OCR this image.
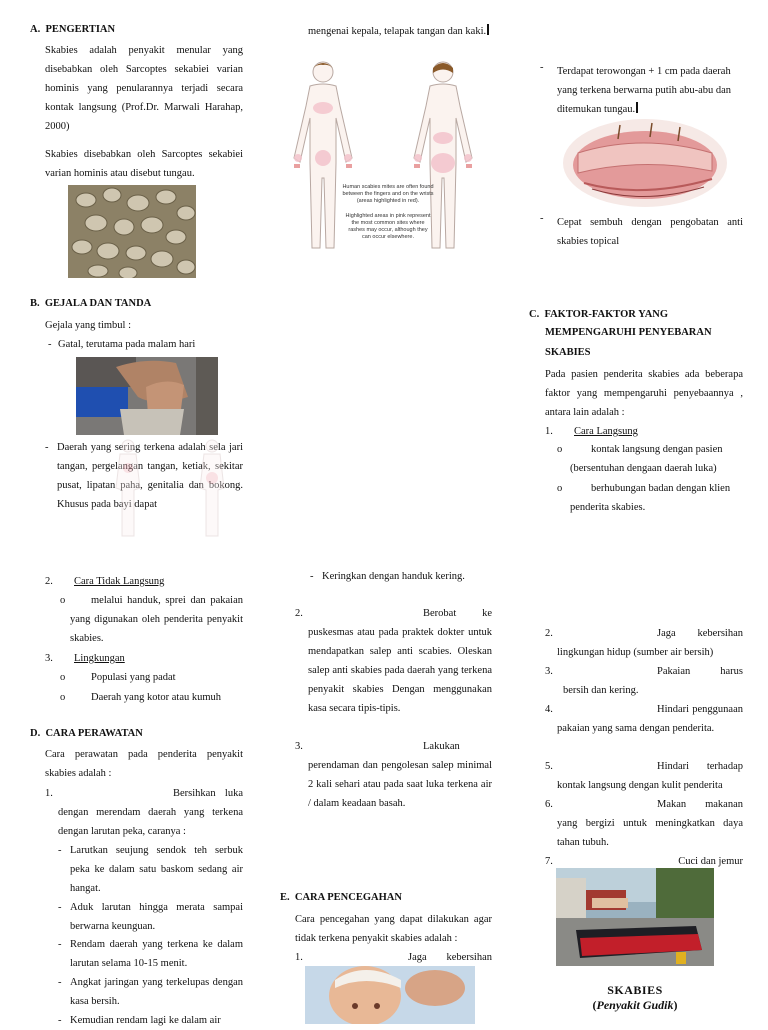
A.  PENGERTIAN
Skabies adalah penyakit menular yang disebabkan oleh Sarcoptes sekabiei varian hominis yang penularannya terjadi secara kontak langsung (Prof.Dr. Marwali Harahap, 2000)
Skabies disebabkan oleh Sarcoptes sekabiei varian hominis atau disebut tungau.
mengenai kepala, telapak tangan dan kaki.
Human scabies mites are often found between the fingers and on the wrists (areas highlighted in red).
Highlighted areas in pink represent the most common sites where rashes may occur, although they can occur elsewhere.
- Terdapat terowongan + 1 cm pada daerah yang terkena berwarna putih abu-abu dan ditemukan tungau.
- Cepat sembuh dengan pengobatan anti skabies topical
B.  GEJALA DAN TANDA
Gejala yang timbul :
- Gatal, terutama pada malam hari
- Daerah yang sering terkena adalah sela jari tangan, pergelangan tangan, ketiak, sekitar pusat, lipatan paha, genitalia dan bokong. Khusus pada bayi dapat
C.  FAKTOR-FAKTOR YANG
MEMPENGARUHI PENYEBARAN
SKABIES
Pada pasien penderita skabies ada beberapa faktor yang mempengaruhi penyebaannya , antara lain adalah :
1. Cara Langsung
o	kontak langsung dengan pasien (bersentuhan dengaan daerah luka)
o	berhubungan badan dengan klien penderita skabies.
2. Cara Tidak Langsung
o	melalui handuk, sprei dan pakaian yang digunakan oleh penderita penyakit skabies.
3. Lingkungan
o Populasi yang padat
o Daerah yang kotor atau kumuh
D.  CARA PERAWATAN
Cara perawatan pada penderita penyakit skabies adalah :
1.	Bersihkan luka dengan merendam daerah yang terkena dengan larutan peka, caranya :
- Larutkan seujung sendok teh serbuk peka ke dalam satu baskom sedang air hangat.
- Aduk larutan hingga merata sampai berwarna keunguan.
- Rendam daerah yang terkena ke dalam larutan selama 10-15 menit.
- Angkat jaringan yang terkelupas dengan kasa bersih.
- Kemudian rendam lagi ke dalam air
- Keringkan dengan handuk kering.
2.	Berobat ke puskesmas atau pada praktek dokter untuk mendapatkan salep anti scabies. Oleskan salep anti skabies pada daerah yang terkena penyakit skabies Dengan menggunakan kasa secara tipis-tipis.
3.	Lakukan perendaman dan pengolesan salep minimal 2 kali sehari atau pada saat luka terkena air / dalam keadaan basah.
E.  CARA PENCEGAHAN
Cara pencegahan yang dapat dilakukan agar tidak terkena penyakit skabies adalah :
1.	Jaga kebersihan
2.	Jaga kebersihan lingkungan hidup (sumber air bersih)
3.	Pakaian harus bersih dan kering.
4.	Hindari penggunaan pakaian yang sama dengan penderita.
5.	Hindari terhadap kontak langsung dengan kulit penderita
6.	Makan makanan yang bergizi untuk meningkatkan daya tahan tubuh.
7.	Cuci dan jemur
SKABIES
(Penyakit Gudik)
